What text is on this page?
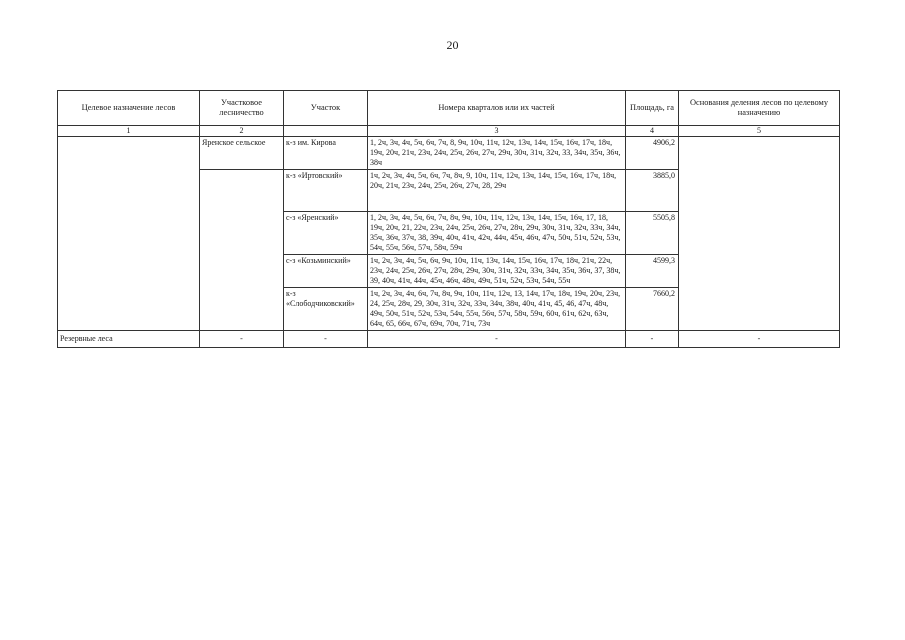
20
Целевое назначение лесов	Участковое лесничество	Участок	Номера кварталов или их частей	Площадь, га	Основания деления лесов по целевому назначению
1	2		3	4	5
	Яренское сельское	к-з им. Кирова	1, 2ч, 3ч, 4ч, 5ч, 6ч, 7ч, 8, 9ч, 10ч, 11ч, 12ч, 13ч, 14ч, 15ч, 16ч, 17ч, 18ч, 19ч, 20ч, 21ч, 23ч, 24ч, 25ч, 26ч, 27ч, 29ч, 30ч, 31ч, 32ч, 33, 34ч, 35ч, 36ч, 38ч	4906,2	
		к-з «Иртовский»	1ч, 2ч, 3ч, 4ч, 5ч, 6ч, 7ч, 8ч, 9, 10ч, 11ч, 12ч, 13ч, 14ч, 15ч, 16ч, 17ч, 18ч, 20ч, 21ч, 23ч, 24ч, 25ч, 26ч, 27ч, 28, 29ч	3885,0	
		с-з «Яренский»	1, 2ч, 3ч, 4ч, 5ч, 6ч, 7ч, 8ч, 9ч, 10ч, 11ч, 12ч, 13ч, 14ч, 15ч, 16ч, 17, 18, 19ч, 20ч, 21, 22ч, 23ч, 24ч, 25ч, 26ч, 27ч, 28ч, 29ч, 30ч, 31ч, 32ч, 33ч, 34ч, 35ч, 36ч, 37ч, 38, 39ч, 40ч, 41ч, 42ч, 44ч, 45ч, 46ч, 47ч, 50ч, 51ч, 52ч, 53ч, 54ч, 55ч, 56ч, 57ч, 58ч, 59ч	5505,8	
		с-з «Козьминский»	1ч, 2ч, 3ч, 4ч, 5ч, 6ч, 9ч, 10ч, 11ч, 13ч, 14ч, 15ч, 16ч, 17ч, 18ч, 21ч, 22ч, 23ч, 24ч, 25ч, 26ч, 27ч, 28ч, 29ч, 30ч, 31ч, 32ч, 33ч, 34ч, 35ч, 36ч, 37, 38ч, 39, 40ч, 41ч, 44ч, 45ч, 46ч, 48ч, 49ч, 51ч, 52ч, 53ч, 54ч, 55ч	4599,3	
		к-з «Слободчиковский»	1ч, 2ч, 3ч, 4ч, 6ч, 7ч, 8ч, 9ч, 10ч, 11ч, 12ч, 13, 14ч, 17ч, 18ч, 19ч, 20ч, 23ч, 24, 25ч, 28ч, 29, 30ч, 31ч, 32ч, 33ч, 34ч, 38ч, 40ч, 41ч, 45, 46, 47ч, 48ч, 49ч, 50ч, 51ч, 52ч, 53ч, 54ч, 55ч, 56ч, 57ч, 58ч, 59ч, 60ч, 61ч, 62ч, 63ч, 64ч, 65, 66ч, 67ч, 69ч, 70ч, 71ч, 73ч	7660,2	
Резервные леса	-	-	-	-	-
